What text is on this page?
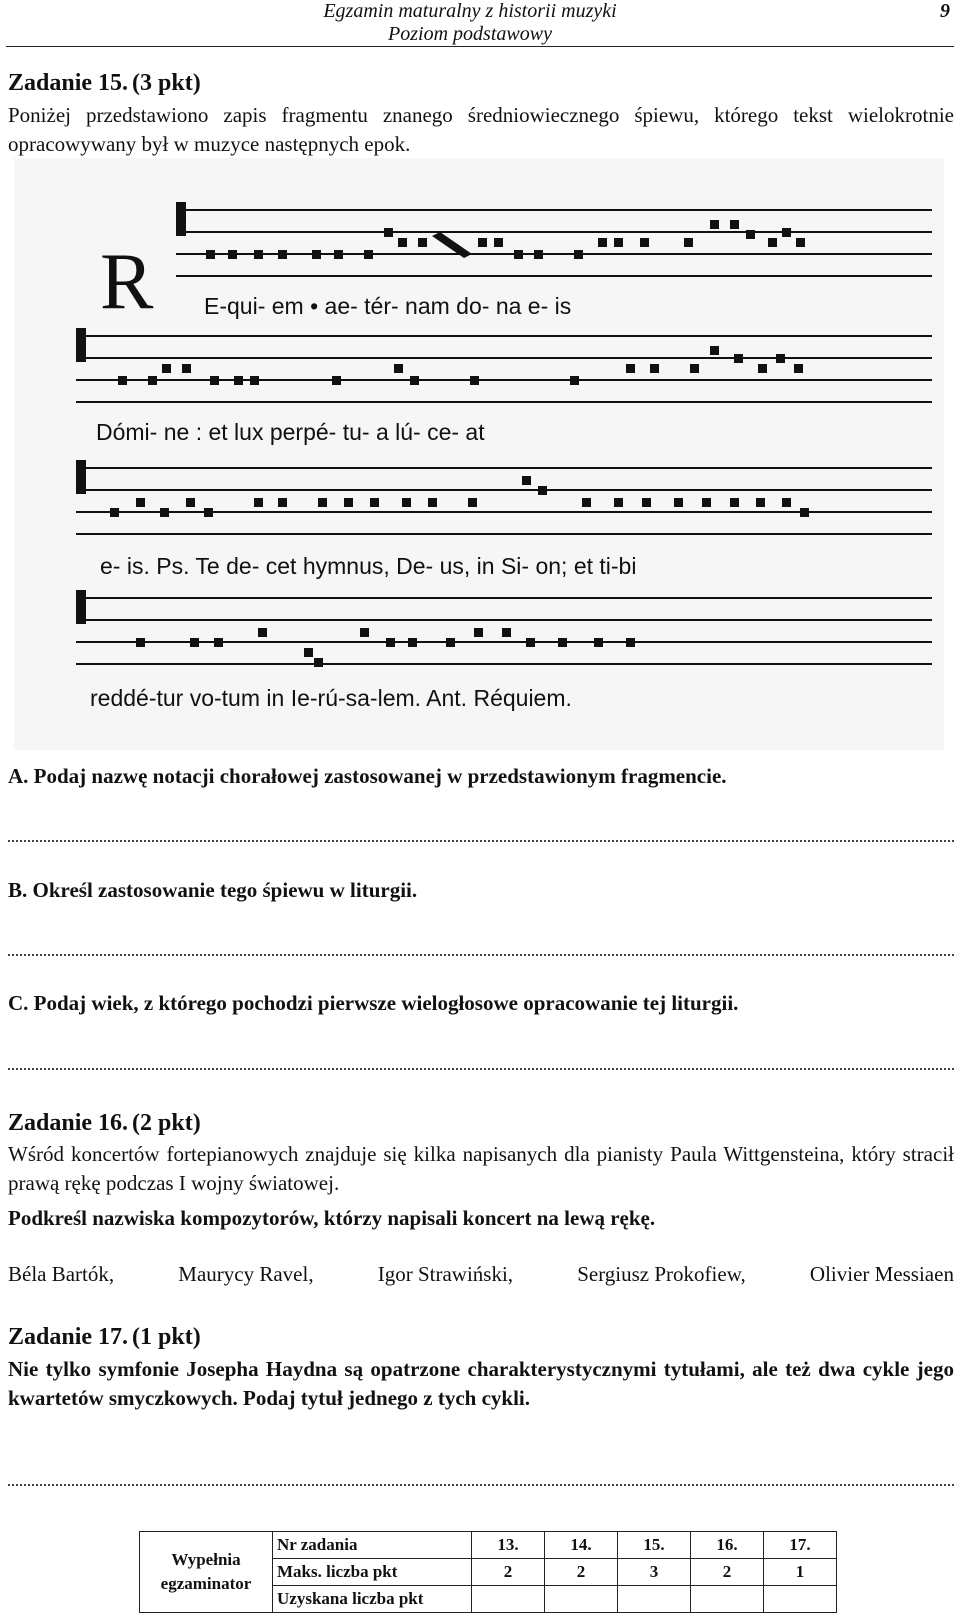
Egzamin maturalny z historii muzyki
Poziom podstawowy
9
Zadanie 15. (3 pkt)
Poniżej przedstawiono zapis fragmentu znanego średniowiecznego śpiewu, którego tekst wielokrotnie opracowywany był w muzyce następnych epok.
R E-qui- em • ae- tér- nam do- na e- is
Dómi- ne : et lux perpé- tu- a lú- ce- at
e- is. Ps. Te de- cet hymnus, De- us, in Si- on; et ti-bi
reddé-tur vo-tum in Ie-rú-sa-lem. Ant. Réquiem.
A. Podaj nazwę notacji chorałowej zastosowanej w przedstawionym fragmencie.
B. Określ zastosowanie tego śpiewu w liturgii.
C. Podaj wiek, z którego pochodzi pierwsze wielogłosowe opracowanie tej liturgii.
Zadanie 16. (2 pkt)
Wśród koncertów fortepianowych znajduje się kilka napisanych dla pianisty Paula Wittgensteina, który stracił prawą rękę podczas I wojny światowej.
Podkreśl nazwiska kompozytorów, którzy napisali koncert na lewą rękę.
Béla Bartók,	Maurycy Ravel,	Igor Strawiński,	Sergiusz Prokofiew,	Olivier Messiaen
Zadanie 17. (1 pkt)
Nie tylko symfonie Josepha Haydna są opatrzone charakterystycznymi tytułami, ale też dwa cykle jego kwartetów smyczkowych. Podaj tytuł jednego z tych cykli.
Wypełnia egzaminator	Nr zadania	13.	14.	15.	16.	17.
	Maks. liczba pkt	2	2	3	2	1
	Uzyskana liczba pkt					
